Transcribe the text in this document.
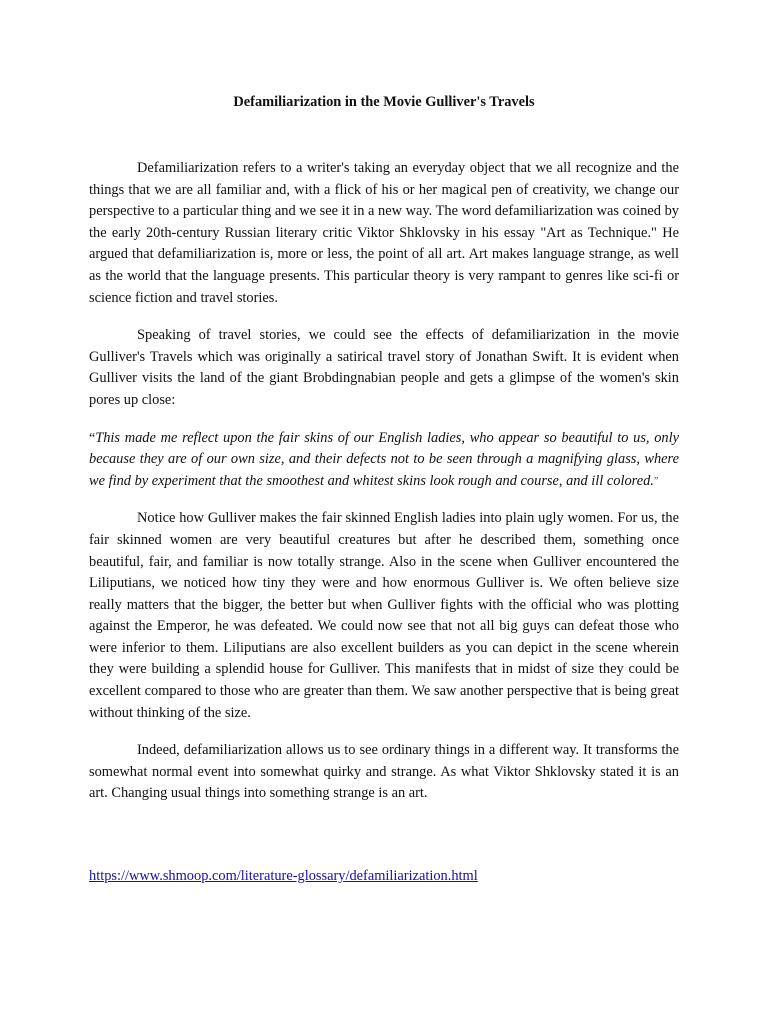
Defamiliarization in the Movie Gulliver's Travels

Defamiliarization refers to a writer's taking an everyday object that we all recognize and the things that we are all familiar and, with a flick of his or her magical pen of creativity, we change our perspective to a particular thing and we see it in a new way. The word defamiliarization was coined by the early 20th-century Russian literary critic Viktor Shklovsky in his essay "Art as Technique." He argued that defamiliarization is, more or less, the point of all art. Art makes language strange, as well as the world that the language presents. This particular theory is very rampant to genres like sci-fi or science fiction and travel stories.

Speaking of travel stories, we could see the effects of defamiliarization in the movie Gulliver's Travels which was originally a satirical travel story of Jonathan Swift. It is evident when Gulliver visits the land of the giant Brobdingnabian people and gets a glimpse of the women's skin pores up close:

“This made me reflect upon the fair skins of our English ladies, who appear so beautiful to us, only because they are of our own size, and their defects not to be seen through a magnifying glass, where we find by experiment that the smoothest and whitest skins look rough and course, and ill colored.”

Notice how Gulliver makes the fair skinned English ladies into plain ugly women. For us, the fair skinned women are very beautiful creatures but after he described them, something once beautiful, fair, and familiar is now totally strange. Also in the scene when Gulliver encountered the Liliputians, we noticed how tiny they were and how enormous Gulliver is. We often believe size really matters that the bigger, the better but when Gulliver fights with the official who was plotting against the Emperor, he was defeated. We could now see that not all big guys can defeat those who were inferior to them. Liliputians are also excellent builders as you can depict in the scene wherein they were building a splendid house for Gulliver. This manifests that in midst of size they could be excellent compared to those who are greater than them. We saw another perspective that is being great without thinking of the size.

Indeed, defamiliarization allows us to see ordinary things in a different way. It transforms the somewhat normal event into somewhat quirky and strange. As what Viktor Shklovsky stated it is an art. Changing usual things into something strange is an art.

https://www.shmoop.com/literature-glossary/defamiliarization.html
